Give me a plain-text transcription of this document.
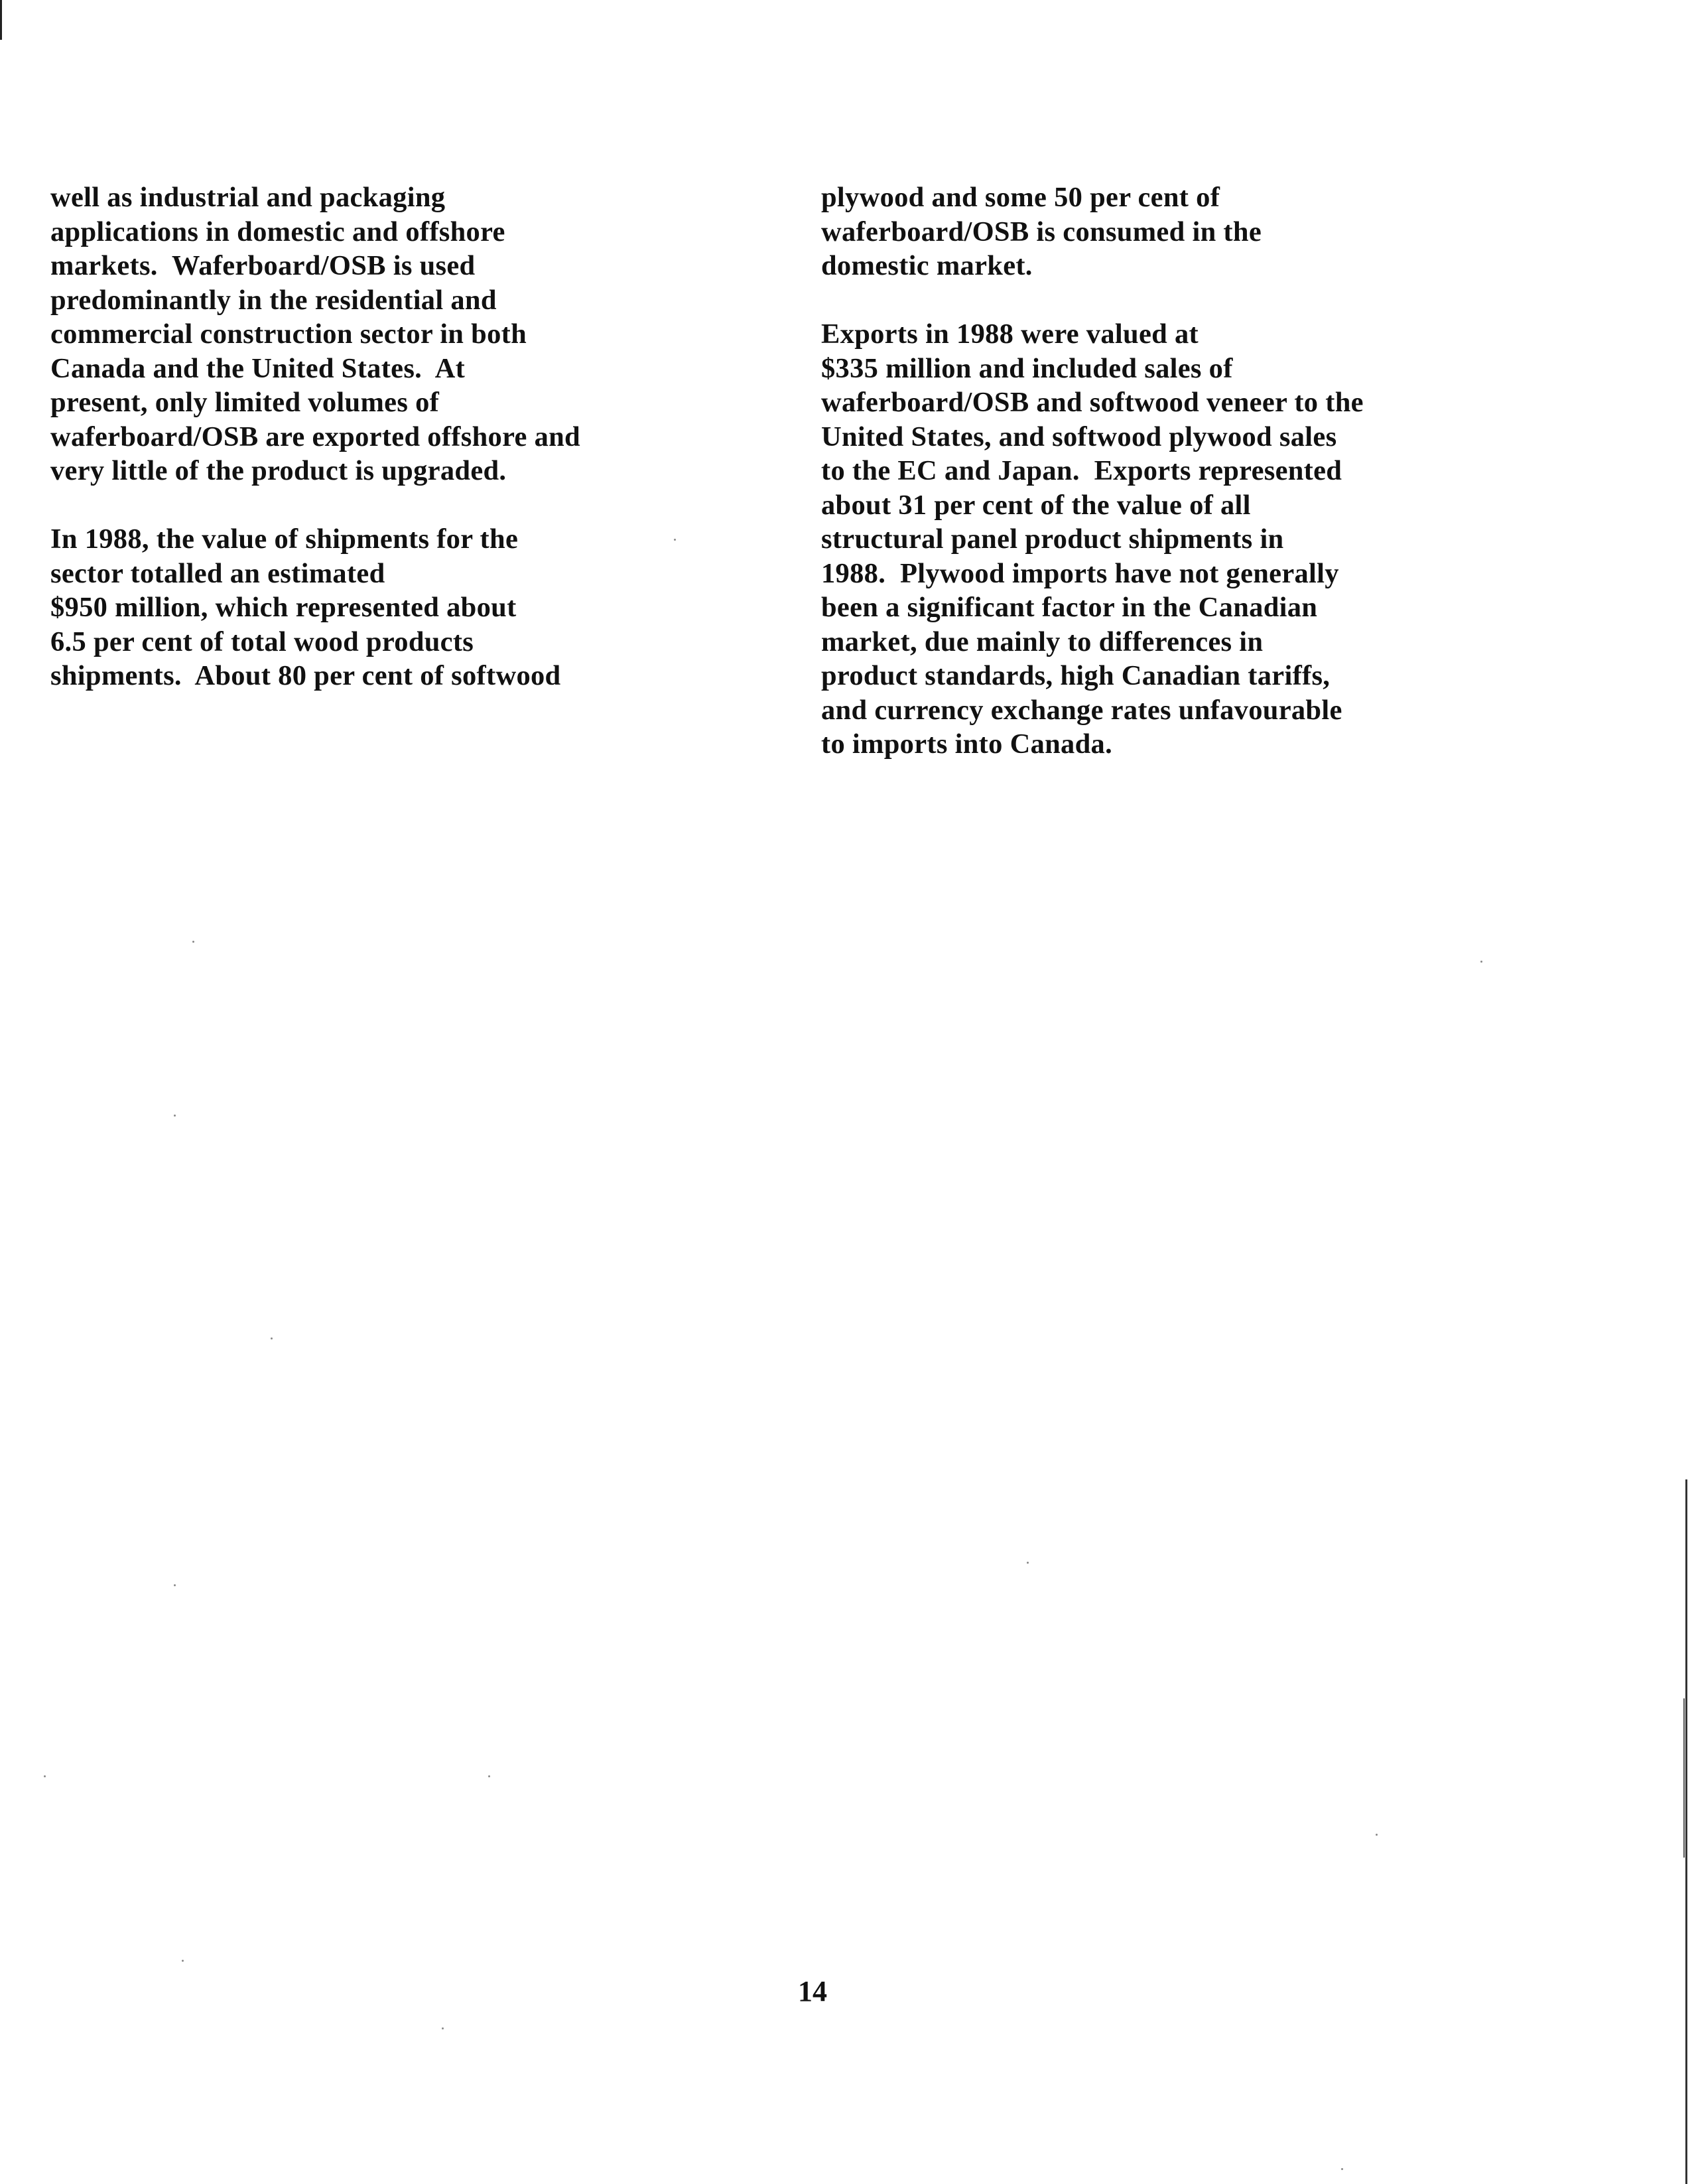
well as industrial and packaging
applications in domestic and offshore
markets.  Waferboard/OSB is used
predominantly in the residential and
commercial construction sector in both
Canada and the United States.  At
present, only limited volumes of
waferboard/OSB are exported offshore and
very little of the product is upgraded.
In 1988, the value of shipments for the
sector totalled an estimated
$950 million, which represented about
6.5 per cent of total wood products
shipments.  About 80 per cent of softwood
plywood and some 50 per cent of
waferboard/OSB is consumed in the
domestic market.
Exports in 1988 were valued at
$335 million and included sales of
waferboard/OSB and softwood veneer to the
United States, and softwood plywood sales
to the EC and Japan.  Exports represented
about 31 per cent of the value of all
structural panel product shipments in
1988.  Plywood imports have not generally
been a significant factor in the Canadian
market, due mainly to differences in
product standards, high Canadian tariffs,
and currency exchange rates unfavourable
to imports into Canada.
14
